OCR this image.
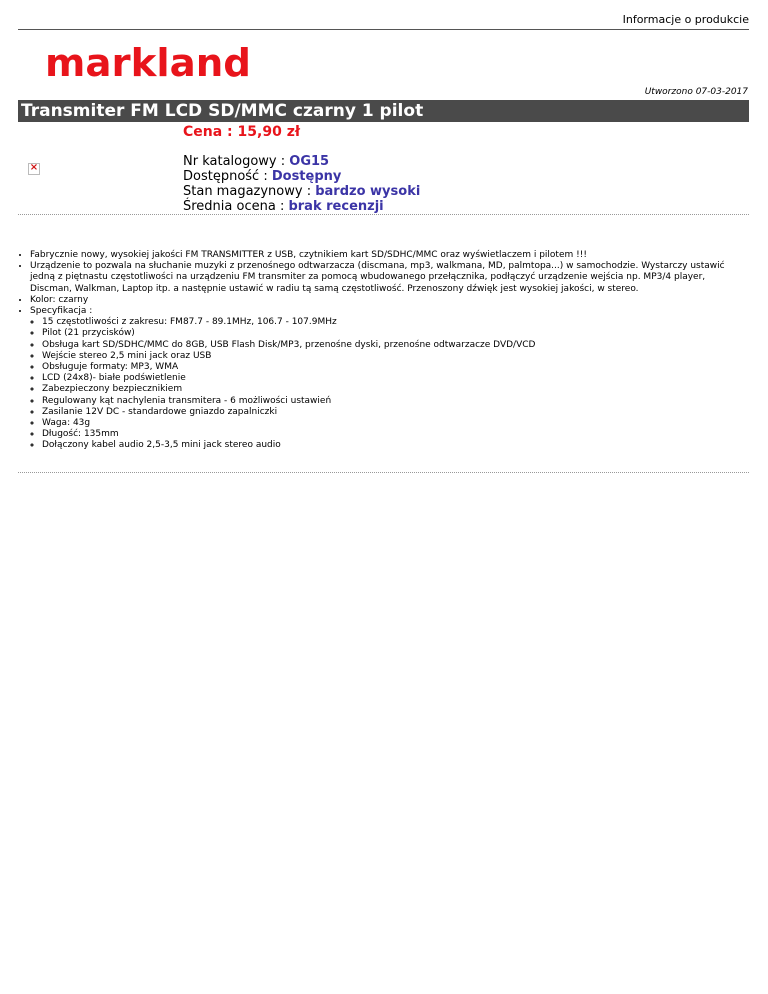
Informacje o produkcie
markland
Utworzono 07-03-2017
Transmiter FM LCD SD/MMC czarny 1 pilot
Cena : 15,90 zł
×	Nr katalogowy : OG15
Dostępność : Dostępny
Stan magazynowy : bardzo wysoki
Średnia ocena : brak recenzji
• Fabrycznie nowy, wysokiej jakości FM TRANSMITTER z USB, czytnikiem kart SD/SDHC/MMC oraz wyświetlaczem i pilotem !!!
• Urządzenie to pozwala na słuchanie muzyki z przenośnego odtwarzacza (discmana, mp3, walkmana, MD, palmtopa...) w samochodzie. Wystarczy ustawić jedną z piętnastu częstotliwości na urządzeniu FM transmiter za pomocą wbudowanego przełącznika, podłączyć urządzenie wejścia np. MP3/4 player, Discman, Walkman, Laptop itp. a następnie ustawić w radiu tą samą częstotliwość. Przenoszony dźwięk jest wysokiej jakości, w stereo.
• Kolor: czarny
• Specyfikacja :
◦ 15 częstotliwości z zakresu: FM87.7 - 89.1MHz, 106.7 - 107.9MHz
◦ Pilot (21 przycisków)
◦ Obsługa kart SD/SDHC/MMC do 8GB, USB Flash Disk/MP3, przenośne dyski, przenośne odtwarzacze DVD/VCD
◦ Wejście stereo 2,5 mini jack oraz USB
◦ Obsługuje formaty: MP3, WMA
◦ LCD (24x8)- białe podświetlenie
◦ Zabezpieczony bezpiecznikiem
◦ Regulowany kąt nachylenia transmitera - 6 możliwości ustawień
◦ Zasilanie 12V DC - standardowe gniazdo zapalniczki
◦ Waga: 43g
◦ Długość: 135mm
◦ Dołączony kabel audio 2,5-3,5 mini jack stereo audio
